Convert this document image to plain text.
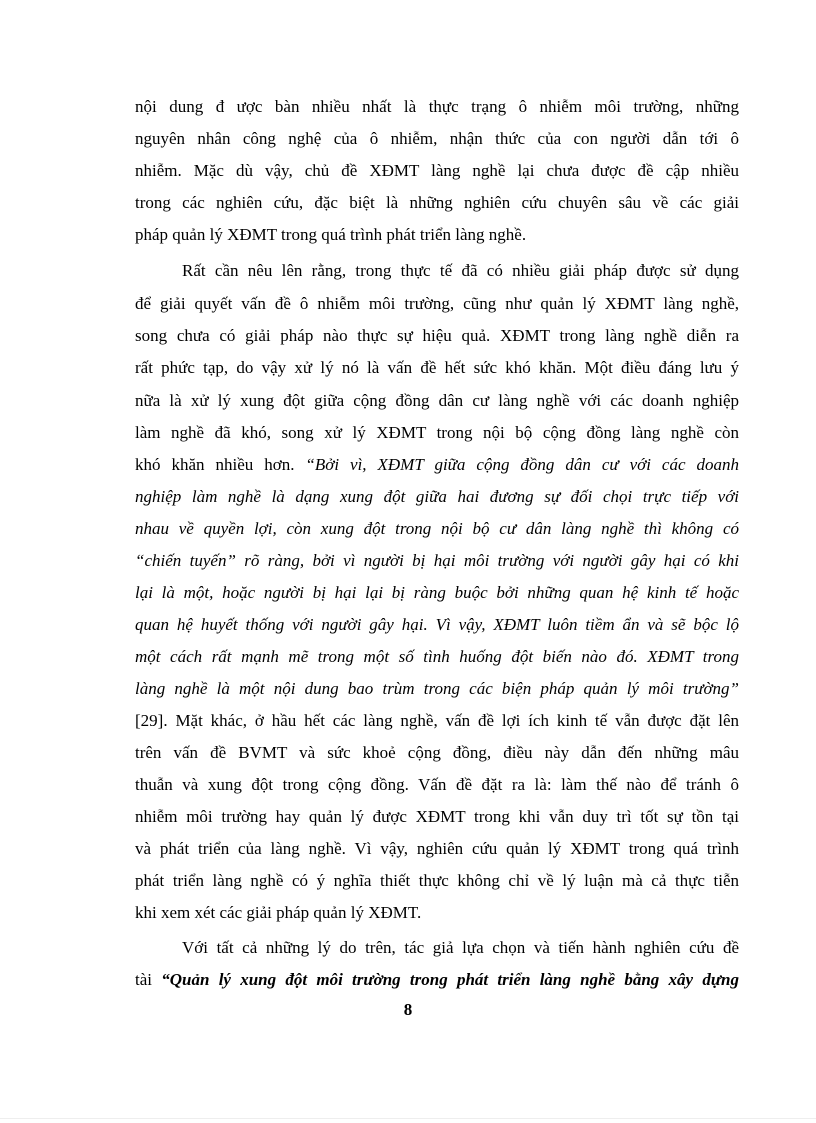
nội dung đ ược bàn nhiều nhất là thực trạng ô nhiễm môi trường, những
nguyên nhân công nghệ của ô nhiễm, nhận thức của con người dẫn tới ô
nhiễm. Mặc dù vậy, chủ đề XĐMT làng nghề lại chưa được đề cập nhiều
trong các nghiên cứu, đặc biệt là những nghiên cứu chuyên sâu về các giải
pháp quản lý XĐMT trong quá trình phát triển làng nghề.
Rất cần nêu lên rằng, trong thực tế đã có nhiều giải pháp được sử dụng
để giải quyết vấn đề ô nhiễm môi trường, cũng như quản lý XĐMT làng nghề,
song chưa có giải pháp nào thực sự hiệu quả. XĐMT trong làng nghề diễn ra
rất phức tạp, do vậy xử lý nó là vấn đề hết sức khó khăn. Một điều đáng lưu ý
nữa là xử lý xung đột giữa cộng đồng dân cư làng nghề với các doanh nghiệp
làm nghề đã khó, song xử lý XĐMT trong nội bộ cộng đồng làng nghề còn
khó khăn nhiều hơn. “Bởi vì, XĐMT giữa cộng đồng dân cư với các doanh
nghiệp làm nghề là dạng xung đột giữa hai đương sự đối chọi trực tiếp với
nhau về quyền lợi, còn xung đột trong nội bộ cư dân làng nghề thì không có
“chiến tuyến” rõ ràng, bởi vì người bị hại môi trường với người gây hại có khi
lại là một, hoặc người bị hại lại bị ràng buộc bởi những quan hệ kinh tế hoặc
quan hệ huyết thống với người gây hại. Vì vậy, XĐMT luôn tiềm ẩn và sẽ bộc lộ
một cách rất mạnh mẽ trong một số tình huống đột biến nào đó. XĐMT trong
làng nghề là một nội dung bao trùm trong các biện pháp quản lý môi trường”
[29]. Mặt khác, ở hầu hết các làng nghề, vấn đề lợi ích kinh tế vẫn được đặt lên
trên vấn đề BVMT và sức khoẻ cộng đồng, điều này dẫn đến những mâu
thuẫn và xung đột trong cộng đồng. Vấn đề đặt ra là: làm thế nào để tránh ô
nhiễm môi trường hay quản lý được XĐMT trong khi vẫn duy trì tốt sự tồn tại
và phát triển của làng nghề. Vì vậy, nghiên cứu quản lý XĐMT trong quá trình
phát triển làng nghề có ý nghĩa thiết thực không chỉ về lý luận mà cả thực tiễn
khi xem xét các giải pháp quản lý XĐMT.
Với tất cả những lý do trên, tác giả lựa chọn và tiến hành nghiên cứu đề
tài “Quản lý xung đột môi trường trong phát triển làng nghề bằng xây dựng
8
